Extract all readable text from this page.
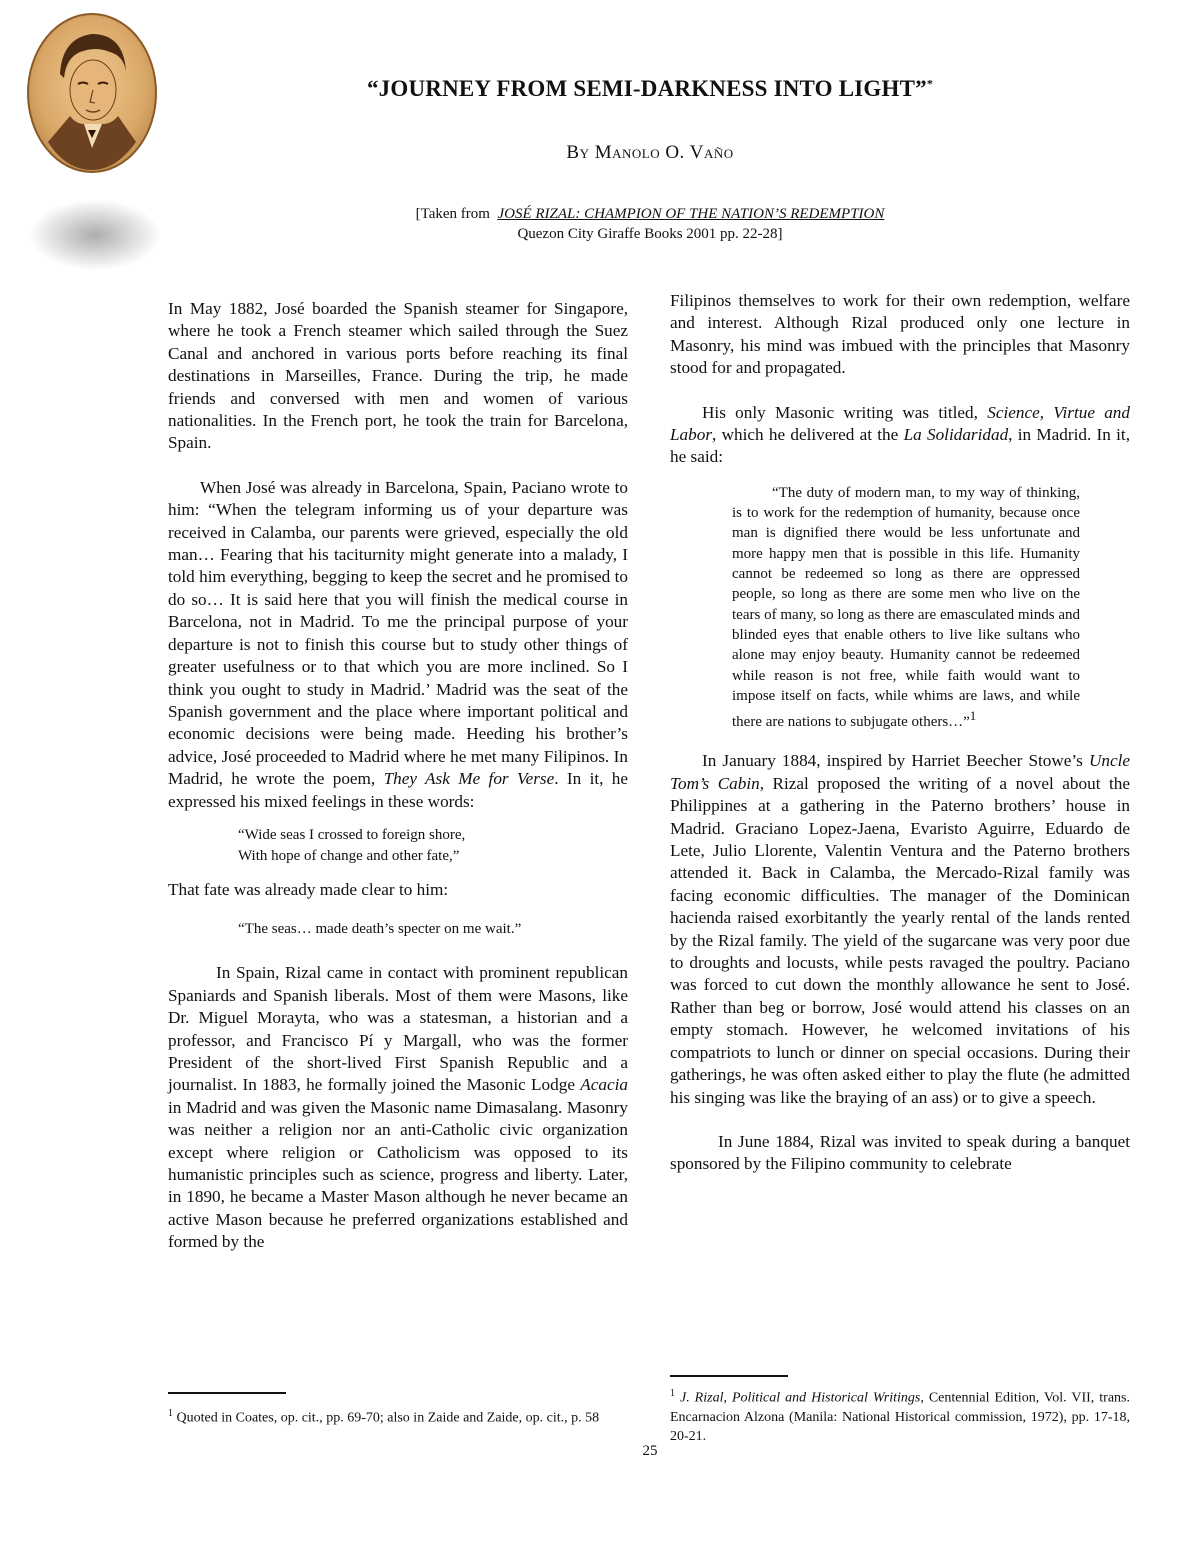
“JOURNEY FROM SEMI-DARKNESS INTO LIGHT”*

By Manolo O. Vaño

[Taken from JOSÉ RIZAL: CHAMPION OF THE NATION’S REDEMPTION
Quezon City Giraffe Books 2001 pp. 22-28]

In May 1882, José boarded the Spanish steamer for Singapore, where he took a French steamer which sailed through the Suez Canal and anchored in various ports before reaching its final destinations in Marseilles, France. During the trip, he made friends and conversed with men and women of various nationalities. In the French port, he took the train for Barcelona, Spain.

When José was already in Barcelona, Spain, Paciano wrote to him: “When the telegram informing us of your departure was received in Calamba, our parents were grieved, especially the old man… Fearing that his taciturnity might generate into a malady, I told him everything, begging to keep the secret and he promised to do so… It is said here that you will finish the medical course in Barcelona, not in Madrid. To me the principal purpose of your departure is not to finish this course but to study other things of greater usefulness or to that which you are more inclined. So I think you ought to study in Madrid.’ Madrid was the seat of the Spanish government and the place where important political and economic decisions were being made. Heeding his brother’s advice, José proceeded to Madrid where he met many Filipinos. In Madrid, he wrote the poem, They Ask Me for Verse. In it, he expressed his mixed feelings in these words:

“Wide seas I crossed to foreign shore,
With hope of change and other fate,”

That fate was already made clear to him:

“The seas… made death’s specter on me wait.”

In Spain, Rizal came in contact with prominent republican Spaniards and Spanish liberals. Most of them were Masons, like Dr. Miguel Morayta, who was a statesman, a historian and a professor, and Francisco Pí y Margall, who was the former President of the short-lived First Spanish Republic and a journalist. In 1883, he formally joined the Masonic Lodge Acacia in Madrid and was given the Masonic name Dimasalang. Masonry was neither a religion nor an anti-Catholic civic organization except where religion or Catholicism was opposed to its humanistic principles such as science, progress and liberty. Later, in 1890, he became a Master Mason although he never became an active Mason because he preferred organizations established and formed by the

Filipinos themselves to work for their own redemption, welfare and interest. Although Rizal produced only one lecture in Masonry, his mind was imbued with the principles that Masonry stood for and propagated.

His only Masonic writing was titled, Science, Virtue and Labor, which he delivered at the La Solidaridad, in Madrid. In it, he said:

“The duty of modern man, to my way of thinking, is to work for the redemption of humanity, because once man is dignified there would be less unfortunate and more happy men that is possible in this life. Humanity cannot be redeemed so long as there are oppressed people, so long as there are some men who live on the tears of many, so long as there are emasculated minds and blinded eyes that enable others to live like sultans who alone may enjoy beauty. Humanity cannot be redeemed while reason is not free, while faith would want to impose itself on facts, while whims are laws, and while there are nations to subjugate others…”$^1$

In January 1884, inspired by Harriet Beecher Stowe’s Uncle Tom’s Cabin, Rizal proposed the writing of a novel about the Philippines at a gathering in the Paterno brothers’ house in Madrid. Graciano Lopez-Jaena, Evaristo Aguirre, Eduardo de Lete, Julio Llorente, Valentin Ventura and the Paterno brothers attended it. Back in Calamba, the Mercado-Rizal family was facing economic difficulties. The manager of the Dominican hacienda raised exorbitantly the yearly rental of the lands rented by the Rizal family. The yield of the sugarcane was very poor due to droughts and locusts, while pests ravaged the poultry. Paciano was forced to cut down the monthly allowance he sent to José. Rather than beg or borrow, José would attend his classes on an empty stomach. However, he welcomed invitations of his compatriots to lunch or dinner on special occasions. During their gatherings, he was often asked either to play the flute (he admitted his singing was like the braying of an ass) or to give a speech.

In June 1884, Rizal was invited to speak during a banquet sponsored by the Filipino community to celebrate

$^1$ Quoted in Coates, op. cit., pp. 69-70; also in Zaide and Zaide, op. cit., p. 58
$^1$ J. Rizal, Political and Historical Writings, Centennial Edition, Vol. VII, trans. Encarnacion Alzona (Manila: National Historical commission, 1972), pp. 17-18, 20-21.
25
